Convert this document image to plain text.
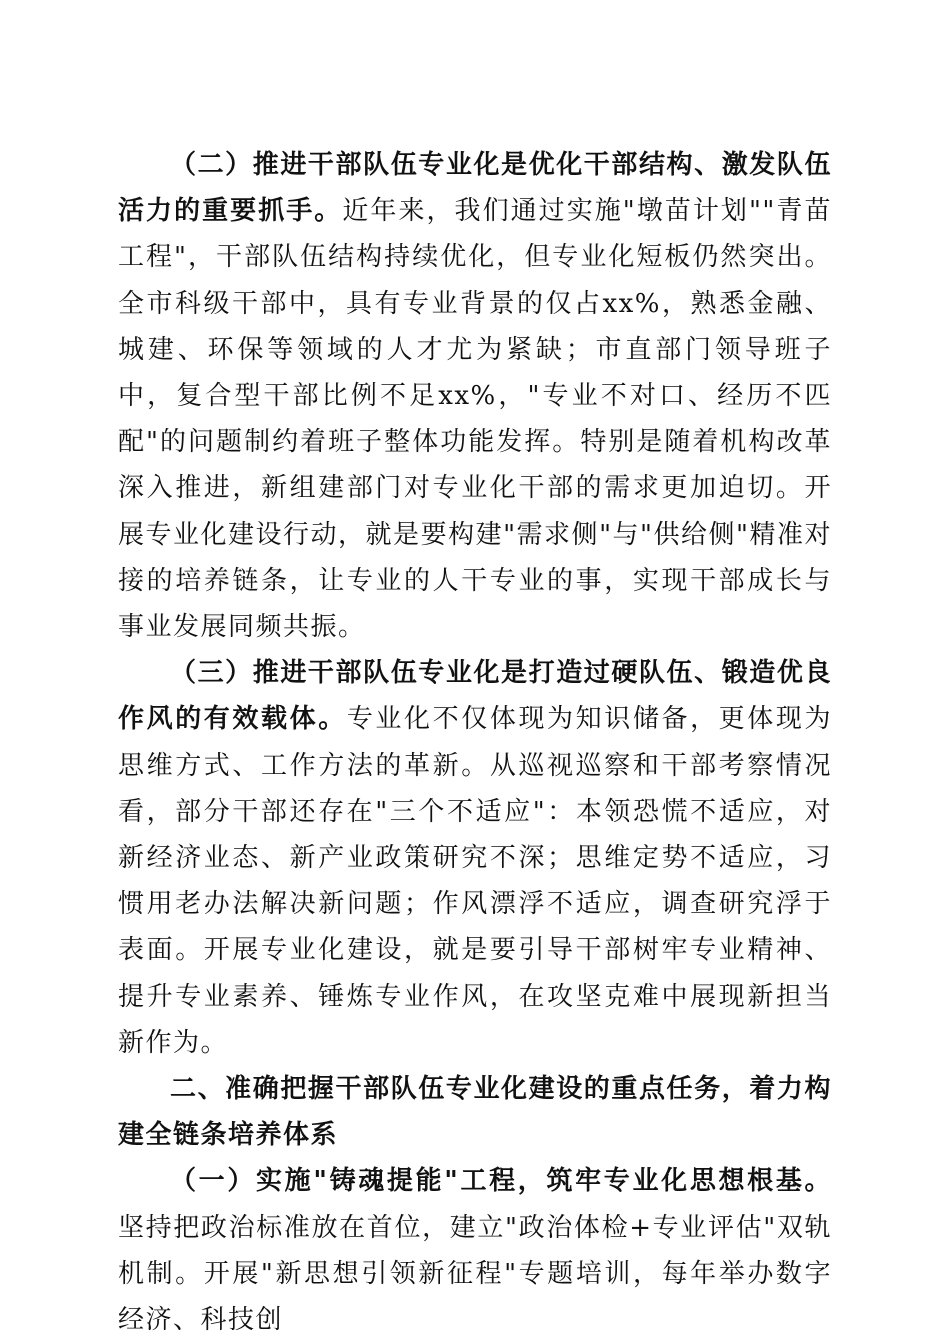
（二）推进干部队伍专业化是优化干部结构、激发队伍活力的重要抓手。近年来，我们通过实施"墩苗计划""青苗工程"，干部队伍结构持续优化，但专业化短板仍然突出。全市科级干部中，具有专业背景的仅占xx%，熟悉金融、城建、环保等领域的人才尤为紧缺；市直部门领导班子中，复合型干部比例不足xx%，"专业不对口、经历不匹配"的问题制约着班子整体功能发挥。特别是随着机构改革深入推进，新组建部门对专业化干部的需求更加迫切。开展专业化建设行动，就是要构建"需求侧"与"供给侧"精准对接的培养链条，让专业的人干专业的事，实现干部成长与事业发展同频共振。

（三）推进干部队伍专业化是打造过硬队伍、锻造优良作风的有效载体。专业化不仅体现为知识储备，更体现为思维方式、工作方法的革新。从巡视巡察和干部考察情况看，部分干部还存在"三个不适应"：本领恐慌不适应，对新经济业态、新产业政策研究不深；思维定势不适应，习惯用老办法解决新问题；作风漂浮不适应，调查研究浮于表面。开展专业化建设，就是要引导干部树牢专业精神、提升专业素养、锤炼专业作风，在攻坚克难中展现新担当新作为。

二、准确把握干部队伍专业化建设的重点任务，着力构建全链条培养体系

（一）实施"铸魂提能"工程，筑牢专业化思想根基。坚持把政治标准放在首位，建立"政治体检+专业评估"双轨机制。开展"新思想引领新征程"专题培训，每年举办数字经济、科技创
